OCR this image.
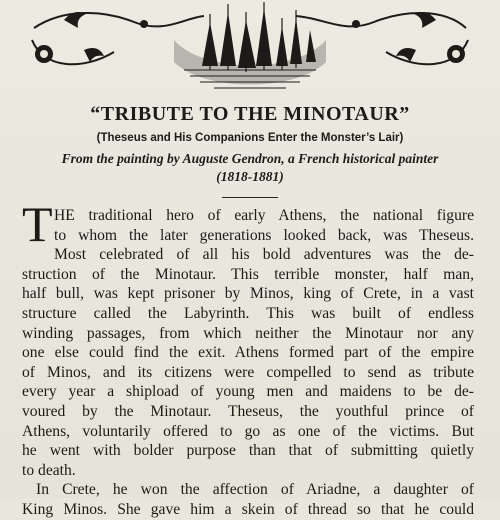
“TRIBUTE TO THE MINOTAUR”

(Theseus and His Companions Enter the Monster’s Lair)

From the painting by Auguste Gendron, a French historical painter
(1818-1881)
T HE traditional hero of early Athens, the national figure
to whom the later generations looked back, was Theseus.
Most celebrated of all his bold adventures was the de-
struction of the Minotaur. This terrible monster, half man,
half bull, was kept prisoner by Minos, king of Crete, in a vast
structure called the Labyrinth. This was built of endless
winding passages, from which neither the Minotaur nor any
one else could find the exit. Athens formed part of the empire
of Minos, and its citizens were compelled to send as tribute
every year a shipload of young men and maidens to be de-
voured by the Minotaur. Theseus, the youthful prince of
Athens, voluntarily offered to go as one of the victims. But
he went with bolder purpose than that of submitting quietly
to death.
In Crete, he won the affection of Ariadne, a daughter of
King Minos. She gave him a skein of thread so that he could
